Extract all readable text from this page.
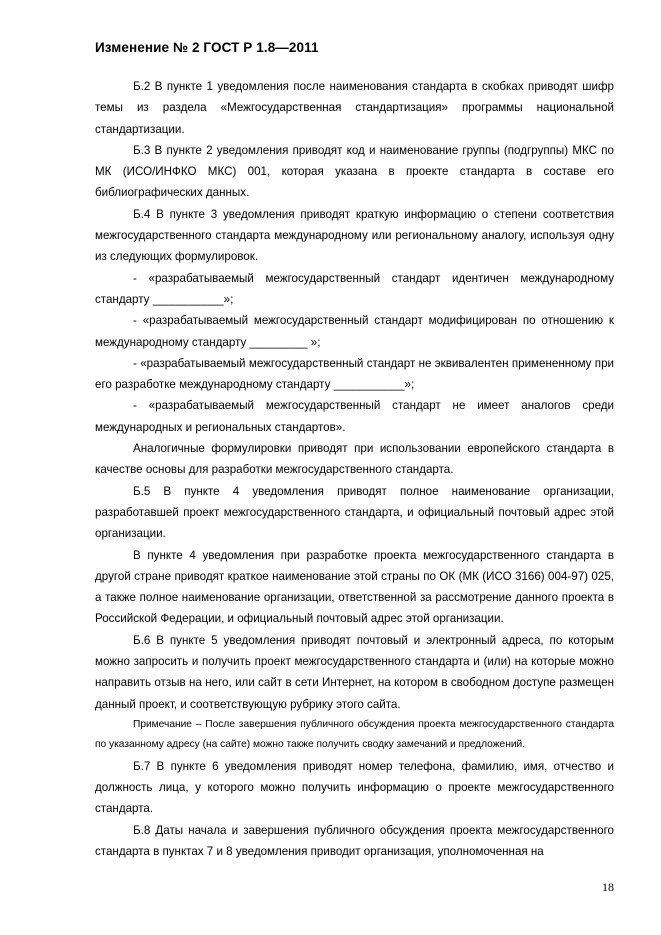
Изменение № 2 ГОСТ Р 1.8—2011

Б.2 В пункте 1 уведомления после наименования стандарта в скобках приводят шифр темы из раздела «Межгосударственная стандартизация» программы национальной стандартизации.

Б.3 В пункте 2 уведомления приводят код и наименование группы (подгруппы) МКС по МК (ИСО/ИНФКО МКС) 001, которая указана в проекте стандарта в составе его библиографических данных.

Б.4 В пункте 3 уведомления приводят краткую информацию о степени соответствия межгосударственного стандарта международному или региональному аналогу, используя одну из следующих формулировок.

- «разрабатываемый межгосударственный стандарт идентичен международному стандарту ___________»;

- «разрабатываемый межгосударственный стандарт модифицирован по отношению к международному стандарту _________ »;

- «разрабатываемый межгосударственный стандарт не эквивалентен примененному при его разработке международному стандарту ___________»;

- «разрабатываемый межгосударственный стандарт не имеет аналогов среди международных и региональных стандартов».

Аналогичные формулировки приводят при использовании европейского стандарта в качестве основы для разработки межгосударственного стандарта.

Б.5 В пункте 4 уведомления приводят полное наименование организации, разработавшей проект межгосударственного стандарта, и официальный почтовый адрес этой организации.

В пункте 4 уведомления при разработке проекта межгосударственного стандарта в другой стране приводят краткое наименование этой страны по ОК (МК (ИСО 3166) 004-97) 025, а также полное наименование организации, ответственной за рассмотрение данного проекта в Российской Федерации, и официальный почтовый адрес этой организации.

Б.6 В пункте 5 уведомления приводят почтовый и электронный адреса, по которым можно запросить и получить проект межгосударственного стандарта и (или) на которые можно направить отзыв на него, или сайт в сети Интернет, на котором в свободном доступе размещен данный проект, и соответствующую рубрику этого сайта.

Примечание – После завершения публичного обсуждения проекта межгосударственного стандарта по указанному адресу (на сайте) можно также получить сводку замечаний и предложений.

Б.7 В пункте 6 уведомления приводят номер телефона, фамилию, имя, отчество и должность лица, у которого можно получить информацию о проекте межгосударственного стандарта.

Б.8 Даты начала и завершения публичного обсуждения проекта межгосударственного стандарта в пунктах 7 и 8 уведомления приводит организация, уполномоченная на

18
